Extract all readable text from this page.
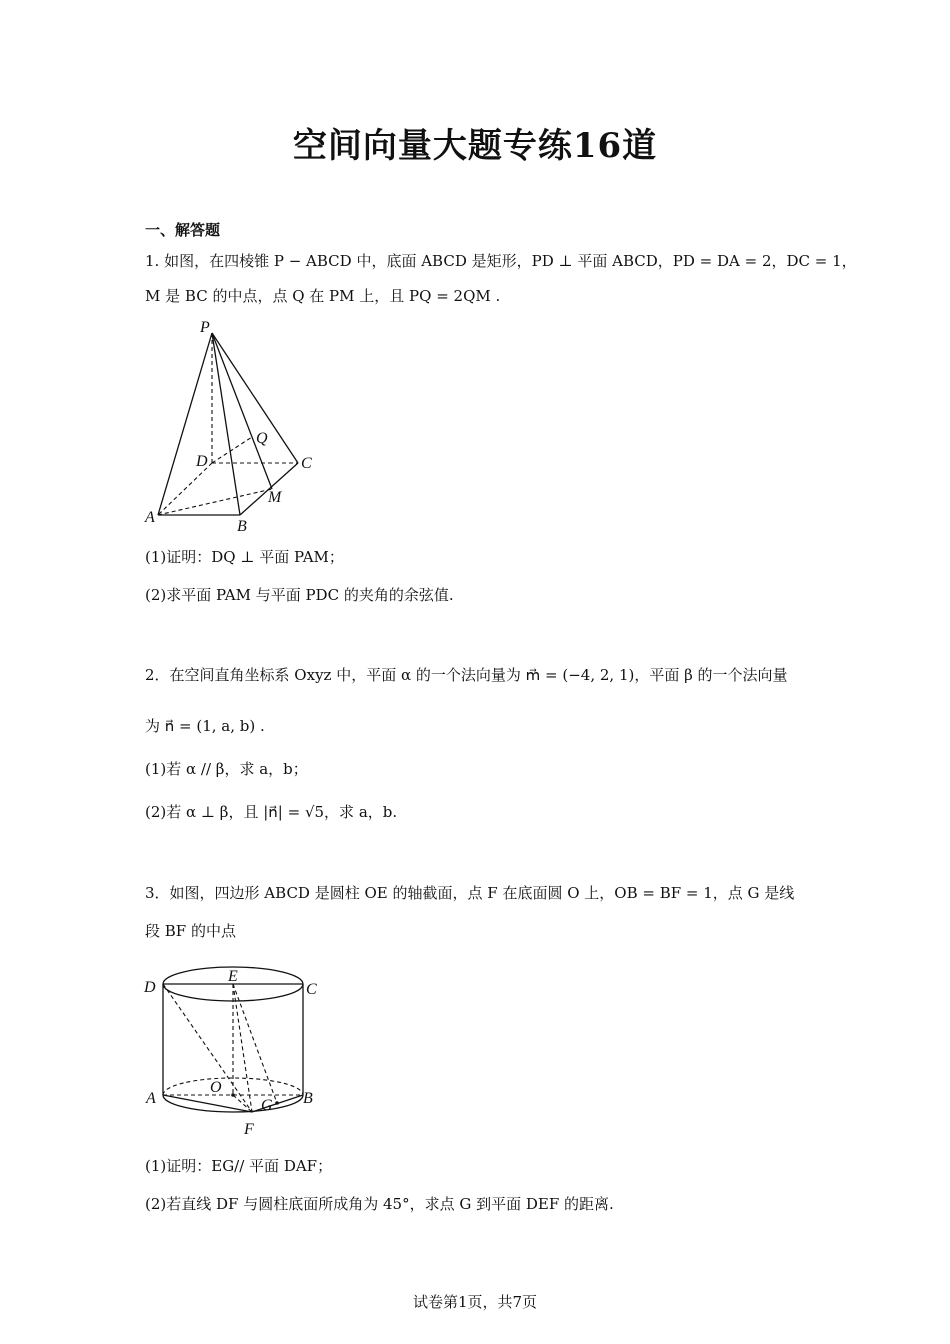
空间向量大题专练16道
一、解答题
1. 如图，在四棱锥 P − ABCD 中，底面 ABCD 是矩形，PD ⊥ 平面 ABCD，PD = DA = 2，DC = 1，
M 是 BC 的中点，点 Q 在 PM 上，且 PQ = 2QM .
P
Q
D	C
M
A
B
(1)证明：DQ ⊥ 平面 PAM；
(2)求平面 PAM 与平面 PDC 的夹角的余弦值.
2．在空间直角坐标系 Oxyz 中，平面 α 的一个法向量为 m⃗ = (−4, 2, 1)，平面 β 的一个法向量
为 n⃗ = (1, a, b) .
(1)若 α // β，求 a，b；
(2)若 α ⊥ β，且 |n⃗| = √5，求 a，b.
3．如图，四边形 ABCD 是圆柱 OE 的轴截面，点 F 在底面圆 O 上，OB = BF = 1，点 G 是线
段 BF 的中点
D
E
C
A
O
G B
F
(1)证明：EG// 平面 DAF；
(2)若直线 DF 与圆柱底面所成角为 45°，求点 G 到平面 DEF 的距离.
试卷第1页，共7页
